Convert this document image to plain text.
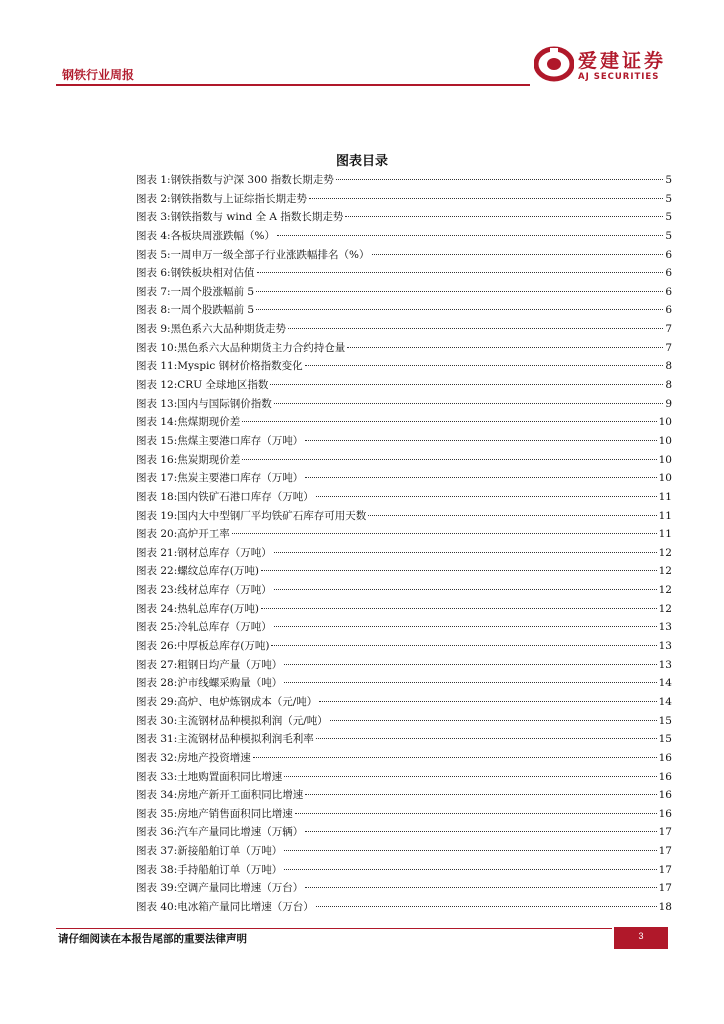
钢铁行业周报
爱建证券
AJ SECURITIES
图表目录
图表 1: 钢铁指数与沪深 300 指数长期走势	5
图表 2: 钢铁指数与上证综指长期走势	5
图表 3: 钢铁指数与 wind 全 A 指数长期走势	5
图表 4: 各板块周涨跌幅（%）	5
图表 5: 一周申万一级全部子行业涨跌幅排名（%）	6
图表 6: 钢铁板块相对估值	6
图表 7: 一周个股涨幅前 5	6
图表 8: 一周个股跌幅前 5	6
图表 9: 黑色系六大品种期货走势	7
图表 10: 黑色系六大品种期货主力合约持仓量	7
图表 11: Myspic 钢材价格指数变化	8
图表 12: CRU 全球地区指数	8
图表 13: 国内与国际钢价指数	9
图表 14: 焦煤期现价差	10
图表 15: 焦煤主要港口库存（万吨）	10
图表 16: 焦炭期现价差	10
图表 17: 焦炭主要港口库存（万吨）	10
图表 18: 国内铁矿石港口库存（万吨）	11
图表 19: 国内大中型钢厂平均铁矿石库存可用天数	11
图表 20: 高炉开工率	11
图表 21: 钢材总库存（万吨）	12
图表 22: 螺纹总库存(万吨)	12
图表 23: 线材总库存（万吨）	12
图表 24: 热轧总库存(万吨)	12
图表 25: 冷轧总库存（万吨）	13
图表 26: 中厚板总库存(万吨)	13
图表 27: 粗钢日均产量（万吨）	13
图表 28: 沪市线螺采购量（吨）	14
图表 29: 高炉、电炉炼钢成本（元/吨）	14
图表 30: 主流钢材品种模拟利润（元/吨）	15
图表 31: 主流钢材品种模拟利润毛利率	15
图表 32: 房地产投资增速	16
图表 33: 土地购置面积同比增速	16
图表 34: 房地产新开工面积同比增速	16
图表 35: 房地产销售面积同比增速	16
图表 36: 汽车产量同比增速（万辆）	17
图表 37: 新接船舶订单（万吨）	17
图表 38: 手持船舶订单（万吨）	17
图表 39: 空调产量同比增速（万台）	17
图表 40: 电冰箱产量同比增速（万台）	18
请仔细阅读在本报告尾部的重要法律声明	3
